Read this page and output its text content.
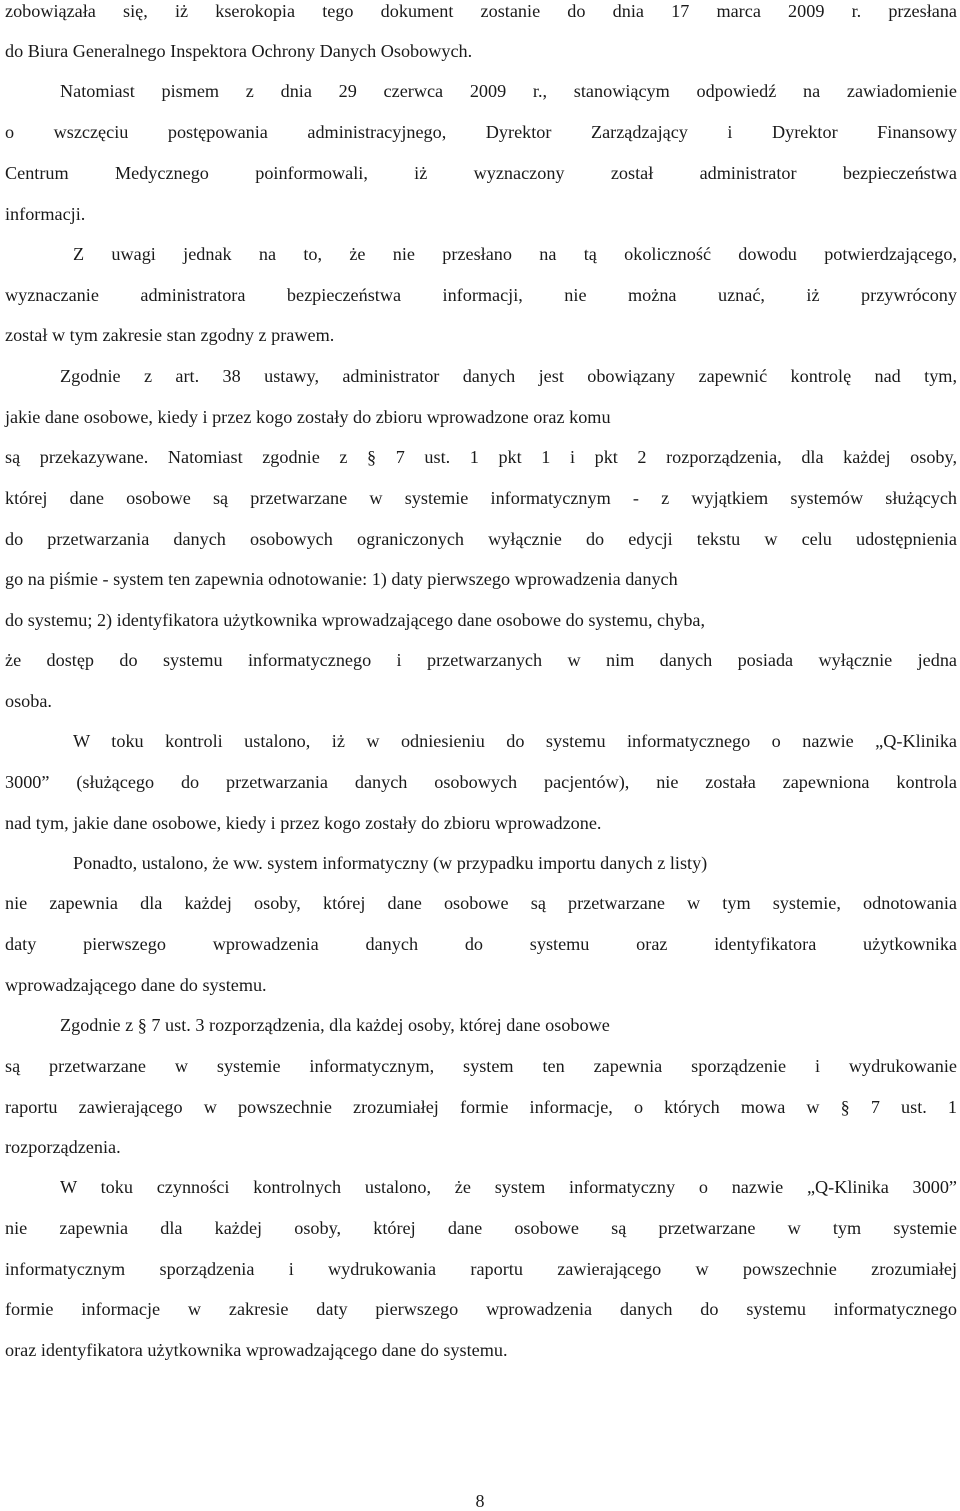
zobowiązała się, iż kserokopia tego dokument zostanie do dnia 17 marca 2009 r. przesłana
do Biura Generalnego Inspektora Ochrony Danych Osobowych.
Natomiast pismem z dnia 29 czerwca 2009 r., stanowiącym odpowiedź na zawiadomienie
o wszczęciu postępowania administracyjnego, Dyrektor Zarządzający i Dyrektor Finansowy
Centrum Medycznego poinformowali, iż wyznaczony został administrator bezpieczeństwa
informacji.
Z uwagi jednak na to, że nie przesłano na tą okoliczność dowodu potwierdzającego,
wyznaczanie administratora bezpieczeństwa informacji, nie można uznać, iż przywrócony
został w tym zakresie stan zgodny z prawem.
Zgodnie z art. 38 ustawy, administrator danych jest obowiązany zapewnić kontrolę nad tym,
jakie dane osobowe, kiedy i przez kogo zostały do zbioru wprowadzone oraz komu
są przekazywane. Natomiast zgodnie z § 7 ust. 1 pkt 1 i pkt 2 rozporządzenia, dla każdej osoby,
której dane osobowe są przetwarzane w systemie informatycznym - z wyjątkiem systemów służących
do przetwarzania danych osobowych ograniczonych wyłącznie do edycji tekstu w celu udostępnienia
go na piśmie - system ten zapewnia odnotowanie: 1) daty pierwszego wprowadzenia danych
do systemu; 2) identyfikatora użytkownika wprowadzającego dane osobowe do systemu, chyba,
że dostęp do systemu informatycznego i przetwarzanych w nim danych posiada wyłącznie jedna
osoba.
W toku kontroli ustalono, iż w odniesieniu do systemu informatycznego o nazwie „Q-Klinika
3000” (służącego do przetwarzania danych osobowych pacjentów), nie została zapewniona kontrola
nad tym, jakie dane osobowe, kiedy i przez kogo zostały do zbioru wprowadzone.
Ponadto, ustalono, że ww. system informatyczny (w przypadku importu danych z listy)
nie zapewnia dla każdej osoby, której dane osobowe są przetwarzane w tym systemie, odnotowania
daty pierwszego wprowadzenia danych do systemu oraz identyfikatora użytkownika
wprowadzającego dane do systemu.
Zgodnie z § 7 ust. 3 rozporządzenia, dla każdej osoby, której dane osobowe
są przetwarzane w systemie informatycznym, system ten zapewnia sporządzenie i wydrukowanie
raportu zawierającego w powszechnie zrozumiałej formie informacje, o których mowa w § 7 ust. 1
rozporządzenia.
W toku czynności kontrolnych ustalono, że system informatyczny o nazwie „Q-Klinika 3000”
nie zapewnia dla każdej osoby, której dane osobowe są przetwarzane w tym systemie
informatycznym sporządzenia i wydrukowania raportu zawierającego w powszechnie zrozumiałej
formie informacje w zakresie daty pierwszego wprowadzenia danych do systemu informatycznego
oraz identyfikatora użytkownika wprowadzającego dane do systemu.
8
